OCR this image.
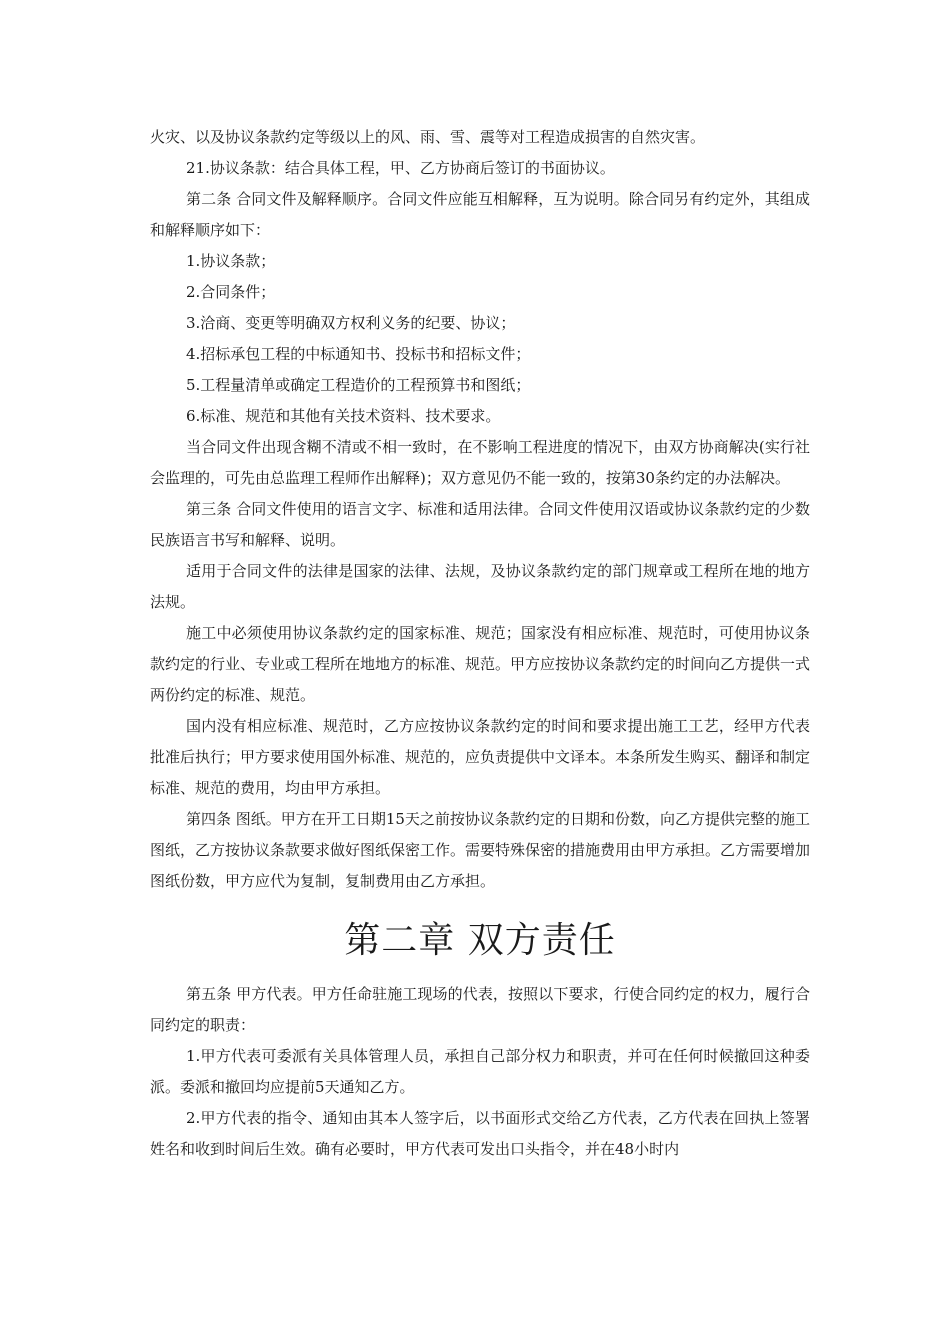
火灾、以及协议条款约定等级以上的风、雨、雪、震等对工程造成损害的自然灾害。

21.协议条款：结合具体工程，甲、乙方协商后签订的书面协议。

第二条 合同文件及解释顺序。合同文件应能互相解释，互为说明。除合同另有约定外，其组成和解释顺序如下：

1.协议条款；

2.合同条件；

3.洽商、变更等明确双方权利义务的纪要、协议；

4.招标承包工程的中标通知书、投标书和招标文件；

5.工程量清单或确定工程造价的工程预算书和图纸；

6.标准、规范和其他有关技术资料、技术要求。

当合同文件出现含糊不清或不相一致时，在不影响工程进度的情况下，由双方协商解决(实行社会监理的，可先由总监理工程师作出解释)；双方意见仍不能一致的，按第30条约定的办法解决。

第三条 合同文件使用的语言文字、标准和适用法律。合同文件使用汉语或协议条款约定的少数民族语言书写和解释、说明。

适用于合同文件的法律是国家的法律、法规，及协议条款约定的部门规章或工程所在地的地方法规。

施工中必须使用协议条款约定的国家标准、规范；国家没有相应标准、规范时，可使用协议条款约定的行业、专业或工程所在地地方的标准、规范。甲方应按协议条款约定的时间向乙方提供一式两份约定的标准、规范。

国内没有相应标准、规范时，乙方应按协议条款约定的时间和要求提出施工工艺，经甲方代表批准后执行；甲方要求使用国外标准、规范的，应负责提供中文译本。本条所发生购买、翻译和制定标准、规范的费用，均由甲方承担。

第四条 图纸。甲方在开工日期15天之前按协议条款约定的日期和份数，向乙方提供完整的施工图纸，乙方按协议条款要求做好图纸保密工作。需要特殊保密的措施费用由甲方承担。乙方需要增加图纸份数，甲方应代为复制，复制费用由乙方承担。

第二章 双方责任

第五条 甲方代表。甲方任命驻施工现场的代表，按照以下要求，行使合同约定的权力，履行合同约定的职责：

1.甲方代表可委派有关具体管理人员，承担自己部分权力和职责，并可在任何时候撤回这种委派。委派和撤回均应提前5天通知乙方。

2.甲方代表的指令、通知由其本人签字后，以书面形式交给乙方代表，乙方代表在回执上签署姓名和收到时间后生效。确有必要时，甲方代表可发出口头指令，并在48小时内
